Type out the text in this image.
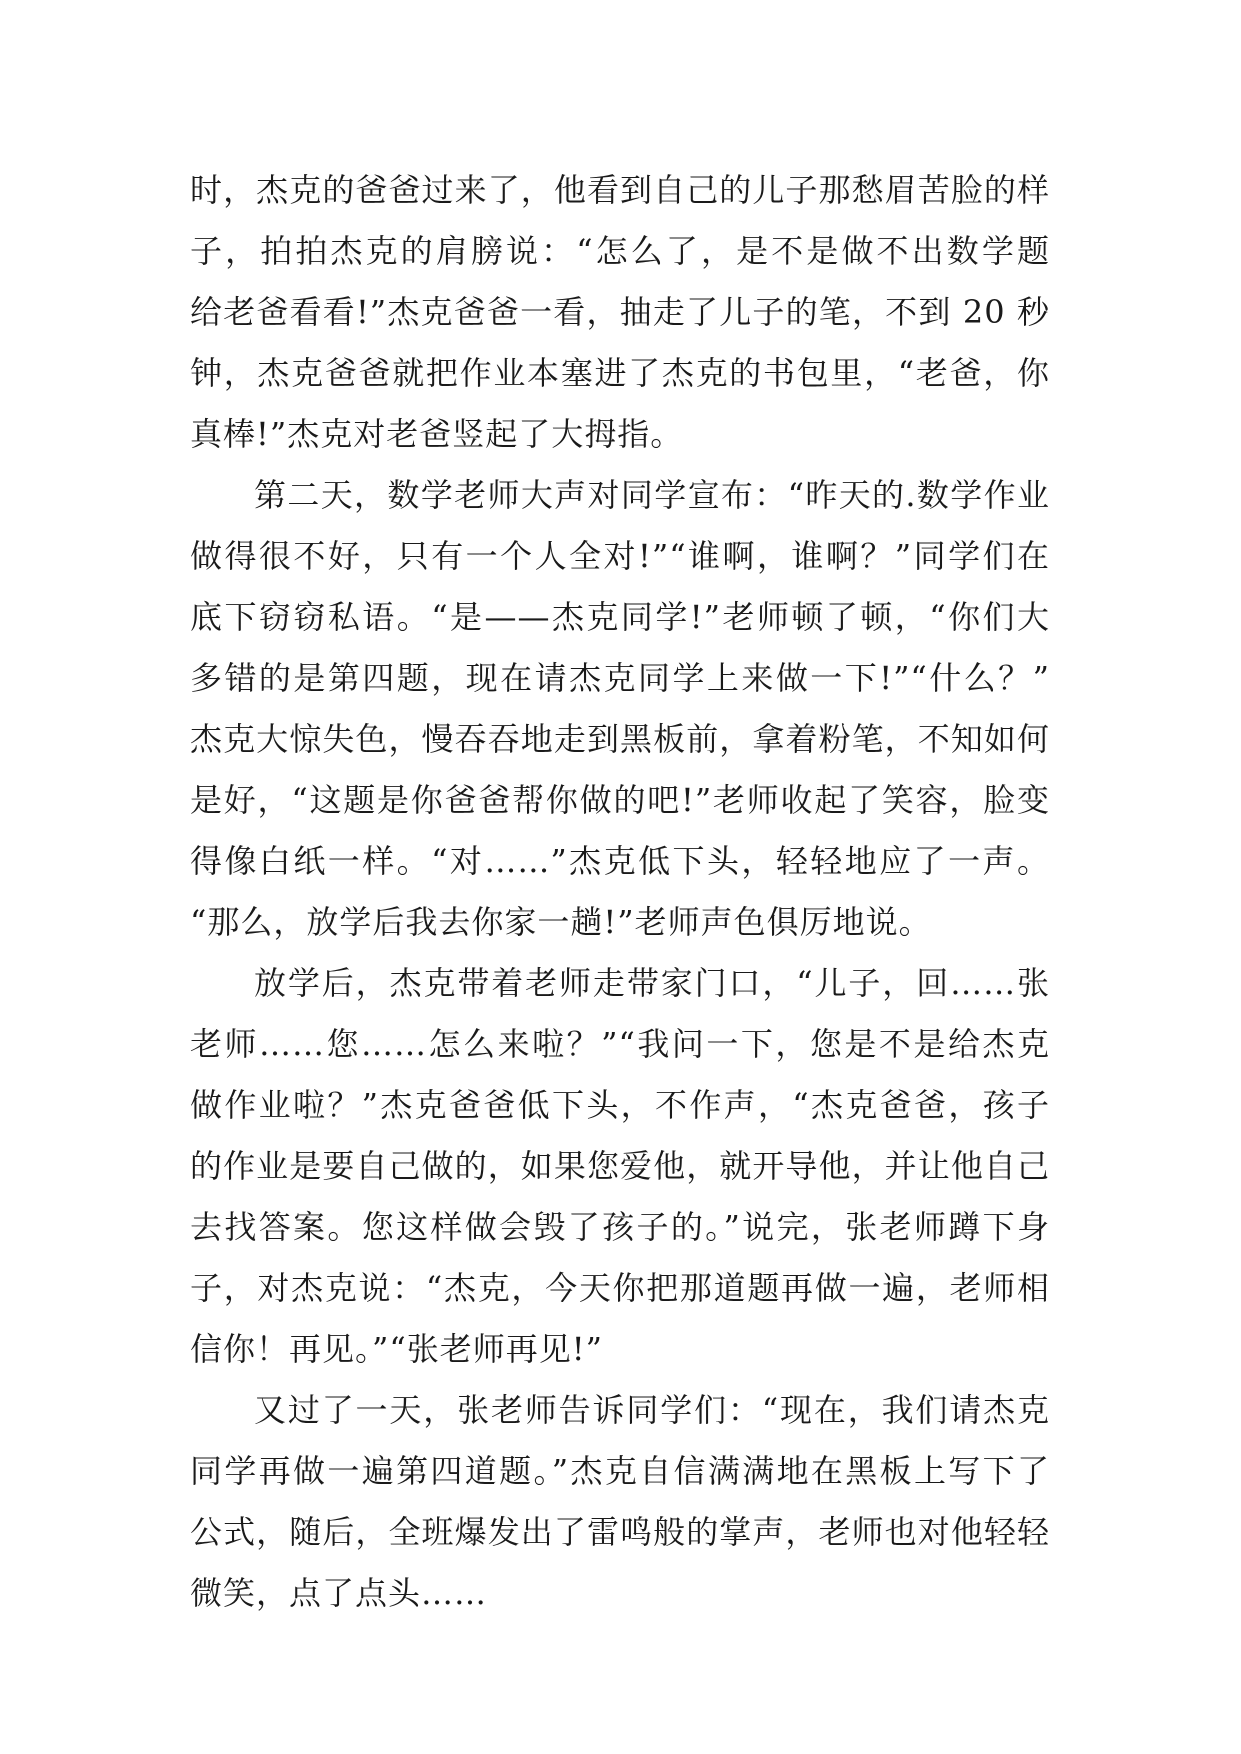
时，杰克的爸爸过来了，他看到自己的儿子那愁眉苦脸的样
子，拍拍杰克的肩膀说：“怎么了，是不是做不出数学题
给老爸看看!”杰克爸爸一看，抽走了儿子的笔，不到 20 秒
钟，杰克爸爸就把作业本塞进了杰克的书包里，“老爸，你
真棒!”杰克对老爸竖起了大拇指。
第二天，数学老师大声对同学宣布：“昨天的.数学作业
做得很不好，只有一个人全对!”“谁啊，谁啊？”同学们在
底下窃窃私语。“是——杰克同学!”老师顿了顿，“你们大
多错的是第四题，现在请杰克同学上来做一下!”“什么？”
杰克大惊失色，慢吞吞地走到黑板前，拿着粉笔，不知如何
是好，“这题是你爸爸帮你做的吧!”老师收起了笑容，脸变
得像白纸一样。“对……”杰克低下头，轻轻地应了一声。
“那么，放学后我去你家一趟!”老师声色俱厉地说。
放学后，杰克带着老师走带家门口，“儿子，回……张
老师……您……怎么来啦？”“我问一下，您是不是给杰克
做作业啦？”杰克爸爸低下头，不作声，“杰克爸爸，孩子
的作业是要自己做的，如果您爱他，就开导他，并让他自己
去找答案。您这样做会毁了孩子的。”说完，张老师蹲下身
子，对杰克说：“杰克，今天你把那道题再做一遍，老师相
信你！再见。”“张老师再见!”
又过了一天，张老师告诉同学们：“现在，我们请杰克
同学再做一遍第四道题。”杰克自信满满地在黑板上写下了
公式，随后，全班爆发出了雷鸣般的掌声，老师也对他轻轻
微笑，点了点头……
